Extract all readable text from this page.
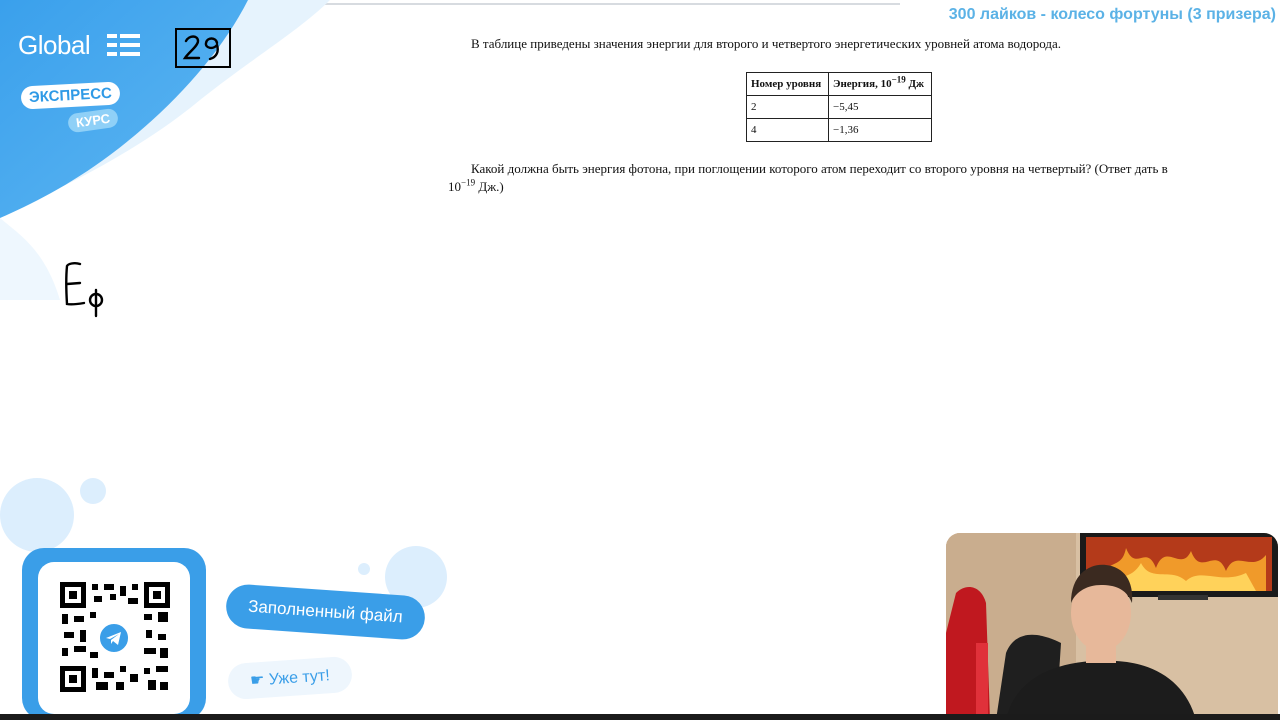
Global
ЭКСПРЕСС
КУРС
300 лайков - колесо фортуны (3 призера)
В таблице приведены значения энергии для второго и четвертого энергетических уровней атома водорода.
Номер уровня	Энергия, $10^{-19}$ Дж
2	−5,45
4	−1,36
Какой должна быть энергия фотона, при поглощении которого атом переходит со второго уровня на четвертый? (Ответ дать в
$10^{-19}$ Дж.)
Заполненный файл
☛ Уже тут!
